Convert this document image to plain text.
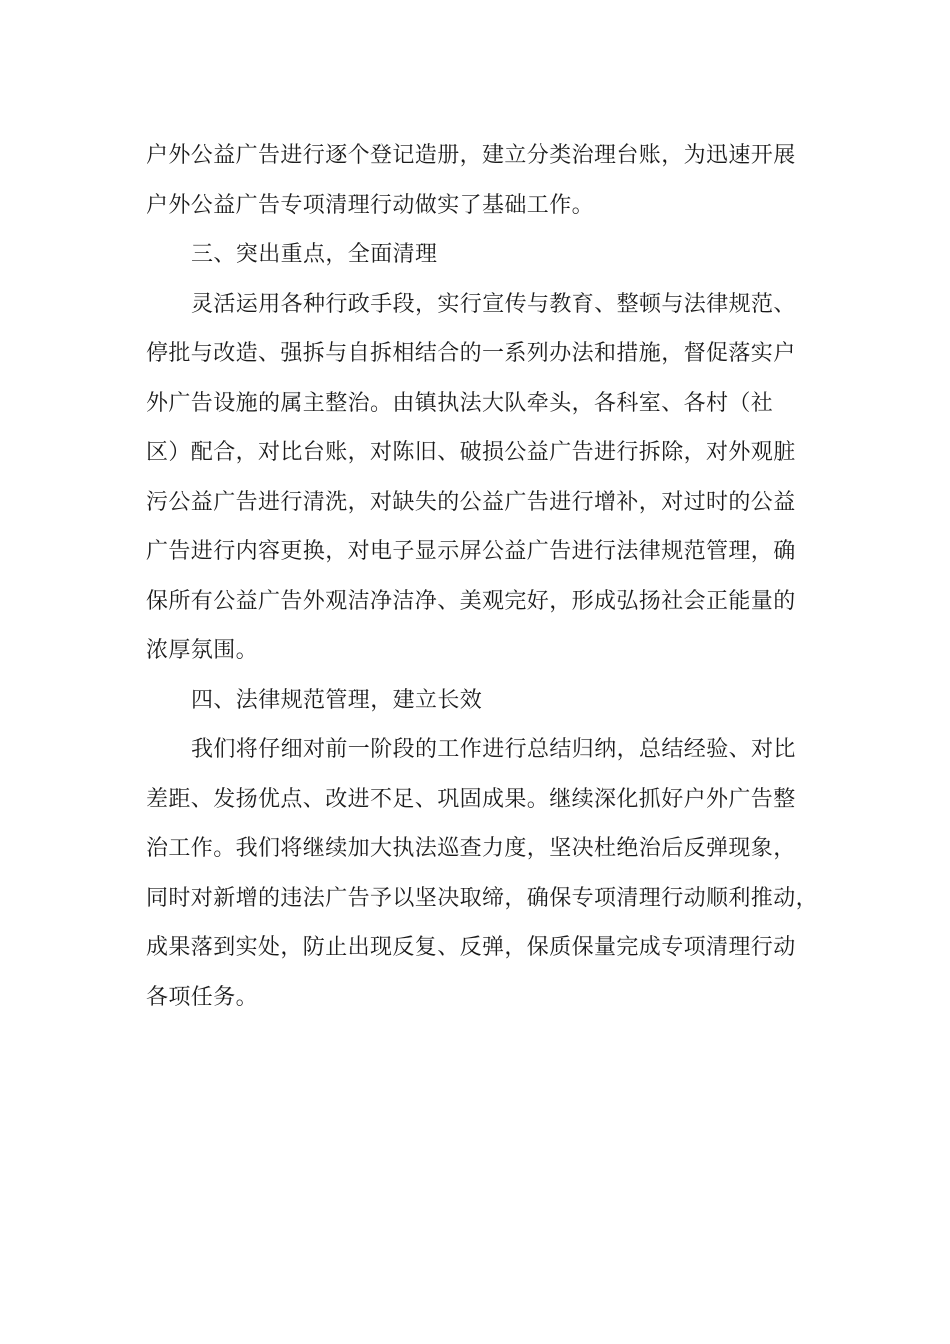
户外公益广告进行逐个登记造册，建立分类治理台账，为迅速开展
户外公益广告专项清理行动做实了基础工作。
三、突出重点，全面清理
灵活运用各种行政手段，实行宣传与教育、整顿与法律规范、
停批与改造、强拆与自拆相结合的一系列办法和措施，督促落实户
外广告设施的属主整治。由镇执法大队牵头，各科室、各村（社
区）配合，对比台账，对陈旧、破损公益广告进行拆除，对外观脏
污公益广告进行清洗，对缺失的公益广告进行增补，对过时的公益
广告进行内容更换，对电子显示屏公益广告进行法律规范管理，确
保所有公益广告外观洁净洁净、美观完好，形成弘扬社会正能量的
浓厚氛围。
四、法律规范管理，建立长效
我们将仔细对前一阶段的工作进行总结归纳，总结经验、对比
差距、发扬优点、改进不足、巩固成果。继续深化抓好户外广告整
治工作。我们将继续加大执法巡查力度，坚决杜绝治后反弹现象，
同时对新增的违法广告予以坚决取缔，确保专项清理行动顺利推动，
成果落到实处，防止出现反复、反弹，保质保量完成专项清理行动
各项任务。
